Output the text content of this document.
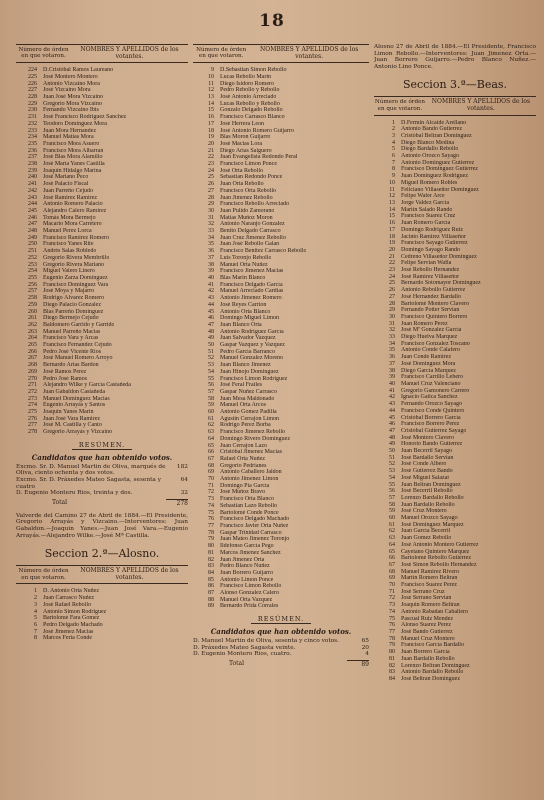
18
Número de órden en que votaron.
NOMBRES Y APELLIDOS de los votantes.
224	D.Cristóbal Ramos Laureano
225	José Montero Montero
226	Antonio Vizcaino Mora
227	José Vizcaino Mora
228	Juan José Mora Vizcaino
229	Gregorio Mora Vizcaino
230	Fernando Vizcaino Ibis
231	José Francisco Rodriguez Sanchez
232	Teodoro Dominguez Mora
233	Juan Mora Hernandez
234	Manuel Matias Mora
235	Francisco Mora Asuero
236	Francisco Mora Albarran
237	José Blas Mora Alamillo
238	José María Yanes Castilla
239	Joaquin Hidalgo Marina
240	José Mariano Peco
241	José Palacio Fiscal
242	Juan Parreño Cejudo
243	José Ramirez Ramirez
244	Antonio Romero Palacio
245	Alejandro Calero Ramirez
246	Tomás Mora Bermejo
247	Macario Mora Carretero
248	Manuel Perez Lorca
249	Francisco Ramirez Romero
250	Francisco Yanes Rite
251	Andrés Salas Robledo
252	Gregorio Rivera Membrillo
253	Gregorio Rivera Mariano
254	Miguel Valero Linero
255	Eugenio Zarza Dominguez
256	Francisco Dominguez Vara
257	José Moya y Majarro
258	Rodrigo Álvarez Romero
259	Diego Palacio Gonzalez
260	Blas Parreño Dominguez
261	Diego Bermejo Cejudo
262	Baldomero Garrido y Garrido
263	Manuel Parreño Macias
264	Francisco Vara y Arcas
265	Francisco Fernandez Cejudo
266	Pedro José Vicente Rios
267	José Manuel Romero Arroyo
268	Bernardo Arias Bardon
269	José Ramos Perez
270	Pedro José Ramos
271	Alejandro Wilke y García Castañeda
272	Juan Gabaldon Castañeda
273	Manuel Dominguez Macias
274	Eugenio Arrayás y Santos
275	Joaquin Yanes Marin
276	Juan José Vara Ramirez
277	José M. Castilla y Canto
278	Gregorio Arrayás y Vizcaino
RESÚMEN.
Candidatos que han obtenido votos.
Excmo. Sr. D. Manuel Martin de Oliva, marqués de Oliva, ciento ochenta y dos votos.
182
Excmo. Sr. D. Práxedes Mateo Sagasta, sesenta y cuatro
64
D. Eugenio Montero Rios, treinta y dos.	32
Total	278
Valverde del Camino 27 de Abril de 1884.—El Presidente, Gregorio Arrayás y Vizcaino.—Interventores: Juan Gabaldon.—Joaquin Yanes.—Juan José Vara.—Eugenio Arrayás.—Alejandro Wilke.—José Mª Castilla.
Seccion 2.ª—Alosno.
Número de órden en que votaron.
NOMBRES Y APELLIDOS de los votantes.
1	D. Antonio Orta Nuñez
2	Juan Carrasco Nuñez
3	José Rafael Rebollo
4	Antonio Simon Rodriguez
5	Bartolomé Fara Gomez
6	Pedro Delgado Machado
7	José Jimenez Macias
8	Marcos Feria Conde
Número de órden en que votaron.
NOMBRES Y APELLIDOS de los votantes.
9	D.Sebastian Simon Rebollo
10	Lucas Rebollo Marin
11	Diego Isidoro Romero
12	Pedro Rebollo y Rebollo
13	José Antonio Arreciado
14	Lucas Rebollo y Rebollo
15	Gonzalo Delgado Rebollo
16	Francisco Carrasco Blanco
17	José Herrera Leon
18	José Antonio Romero Guijarro
19	Blas Moron Guijarro
20	José Macias Lora
21	Diego Arias Salguero
22	Juan Evangelista Redondo Peral
23	Francisco Limon Ponce
24	José Orta Rebollo
25	Sebastian Redondo Ponce
26	Juan Orta Rebollo
27	Francisco Orta Rebollo
28	Juan Jimenez Rebollo
29	Francisco Rebollo Arreciado
30	Juan Pulido Zamorano
31	Matias Muñoz Moron
32	Antonio Naranjo Gonzalez
33	Benito Delgado Carrasco
34	Juan Cruz Jimenez Rebollo
35	Juan José Rebollo Galan
36	Francisco Benitez Carrasco Rebollo
37	Luis Toronjo Rebollo
38	Manuel Orta Nuñez
39	Francisco Jimenez Macias
40	Blas Marin Blanco
41	Francisco Delgado García
42	Manuel Arreciado Cardias
43	Antonio Jimenez Romero
44	José Reyes Carrion
45	Antonio Orta Blanco
46	Domingo Miguel Limon
47	Juan Blanco Orta
48	Antonio Rodriguez García
49	Juan Salvador Vazquez
50	Gaspar Vazquez y Vazquez
51	Pedro García Barranco
52	Manuel Gonzalez Moreno
53	Juan Blanco Jimenez
54	Juan Hinojo Dominguez
55	Francisco Limon Rodriguez
56	José Feral Frailes
57	Gaspar Nuñez Carrasco
58	Juan Mesa Maldonado
59	Manuel Orta Arcos
60	Antonio Gomez Padilla
61	Agustin Cerrajon Limon
62	Rodrigo Perez Borba
63	Francisco Jimenez Rebollo
64	Domingo Rivero Dominguez
65	Juan Cerrajon Lazo
66	Cristóbal Jimenez Macias
67	Rafael Orta Nuñez
68	Gregorio Pedrianes
69	Antonio Caballero Jaldon
70	Antonio Jimenez Limon
71	Domingo Pia García
72	José Muñoz Bravo
73	Francisco Orta Blanco
74	Sebastian Lazo Rebollo
75	Bartolomé Conde Ponce
76	Francisco Delgado Machado
77	Francisco Javier Orta Nuñez
78	Gaspar Trinidad Carrasco
79	Juan Mateo Jimenez Toronjo
80	Ildefonso García Pego
81	Marcos Jimenez Sanchez
82	Juan Jimenez Orta
83	Pedro Blanco Nuñez
84	Juan Borrero Guijarro
85	Antonio Limon Ponce
86	Francisco Limon Rebollo
87	Alonso Gonzalez Calero
88	Manuel Orta Vazquez
89	Bernardo Prida Corrales
RESÚMEN.
Candidatos que han obtenido votos.
D. Manuel Martin de Oliva, sesenta y cinco votos.	65
D. Práxedes Mateo Sagasta veinte.	20
D. Eugenio Montero Rios, cuatro.	4
Total	89
Alosno 27 de Abril de 1884.—El Presidente, Francisco Limon Rebollo.—Interventores: Juan Jimenez Orta.—Juan Borrero Guijarro.—Pedro Blanco Nuñez.—Antonio Lino Ponce.
Seccion 3.ª—Beas.
Número de órden en que votaron.
NOMBRES Y APELLIDOS de los votantes.
1	D.Fermin Alcaide Arellano
2	Antonio Bando Gutierrez
3	Cristóbal Beltran Dominguez
4	Diego Blanco Medina
5	Diego Bardallo Rebollo
6	Antonio Orozco Sayago
7	Antonio Dominguez Gutierrez
8	Francisco Dominguez Gutierrez
9	Juan Dominguez Rodriguez
10	Miguel Romero Robles
11	Feliciano Villaseñor Dominguez
12	Felipe Wafer Arce
13	Jorge Valdez García
14	Martin Salado Rando
15	Francisco Suarez Cruz
16	Juan Romero García
17	Domingo Rodriguez Ruiz
18	Jacinto Ramirez Villaseñor
19	Francisco Sayago Gutierrez
20	Domingo Sayago Rando
21	Cedreno Villaseñor Dominguez
22	Felipe Servian Wafla
23	José Rebollo Hernandez
24	José Ramirez Villaseñor
25	Bernardo Sotomayor Dominguez
26	Antonio Rebollo Gutierrez
27	José Hernandez Bardallo
28	Bartolomé Montero Clavero
29	Fernando Potter Servian
30	Francisco Quintero Borrero
31	Juan Romero Perez
32	José Mª Gonzalez García
33	Diego Huelva Marquez
34	Francisco Gonzalez Toscano
35	Antonio Conde Calafero
36	Juan Conde Ramirez
37	José Dominguez Mora
38	Diego García Marquez
39	Francisco Carrillo Lebero
40	Manuel Cruz Valenciano
41	Gregorio Gamonero Carrero
42	Ignacio Gatica Sanchez
43	Fernando Orozco Sayago
44	Francisco Conde Quintero
45	Cristóbal Borrero García
46	Francisco Borrero Perez
47	Cristóbal Gutierrez Sayago
48	José Montero Clavero
49	Honorio Bando Gutierrez
50	Juan Becerril Sayago
51	José Bardallo Servian
52	José Conde Albero
53	José Gutierrez Bando
54	José Miguel Salazar
55	Juan Beltran Dominguez
56	José Becerril Rebollo
57	Lorenzo Bardallo Rebollo
58	Juan Bardallo Rebollo
59	José Cruz Montero
60	Manuel Orozco Sayago
61	José Dominguez Marquez
62	Juan García Becerril
63	Juan Gomez Rebollo
64	José Antonio Montero Gutierrez
65	Cayetano Quintero Marquez
66	Bartolomé Rebollo Gutierrez
67	José Simon Rebollo Hernandez
68	Manuel Ramirez Rivero
69	Martin Romero Beltran
70	Francisco Suarez Perez
71	José Serrano Cruz
72	José Serrano Servian
73	Joaquin Romero Beltran
74	Antonio Rabadan Caballero
75	Pascual Ruiz Mendez
76	Alonso Suarez Perez
77	José Bando Gutierrez
78	Manuel Cruz Montero
79	Francisco García Bardallo
80	Juan Borrero García
81	Juan Bardallo Rebollo
82	Lorenzo Beltran Dominguez
83	Antonio Bardallo Rebollo
84	José Beltran Dominguez
